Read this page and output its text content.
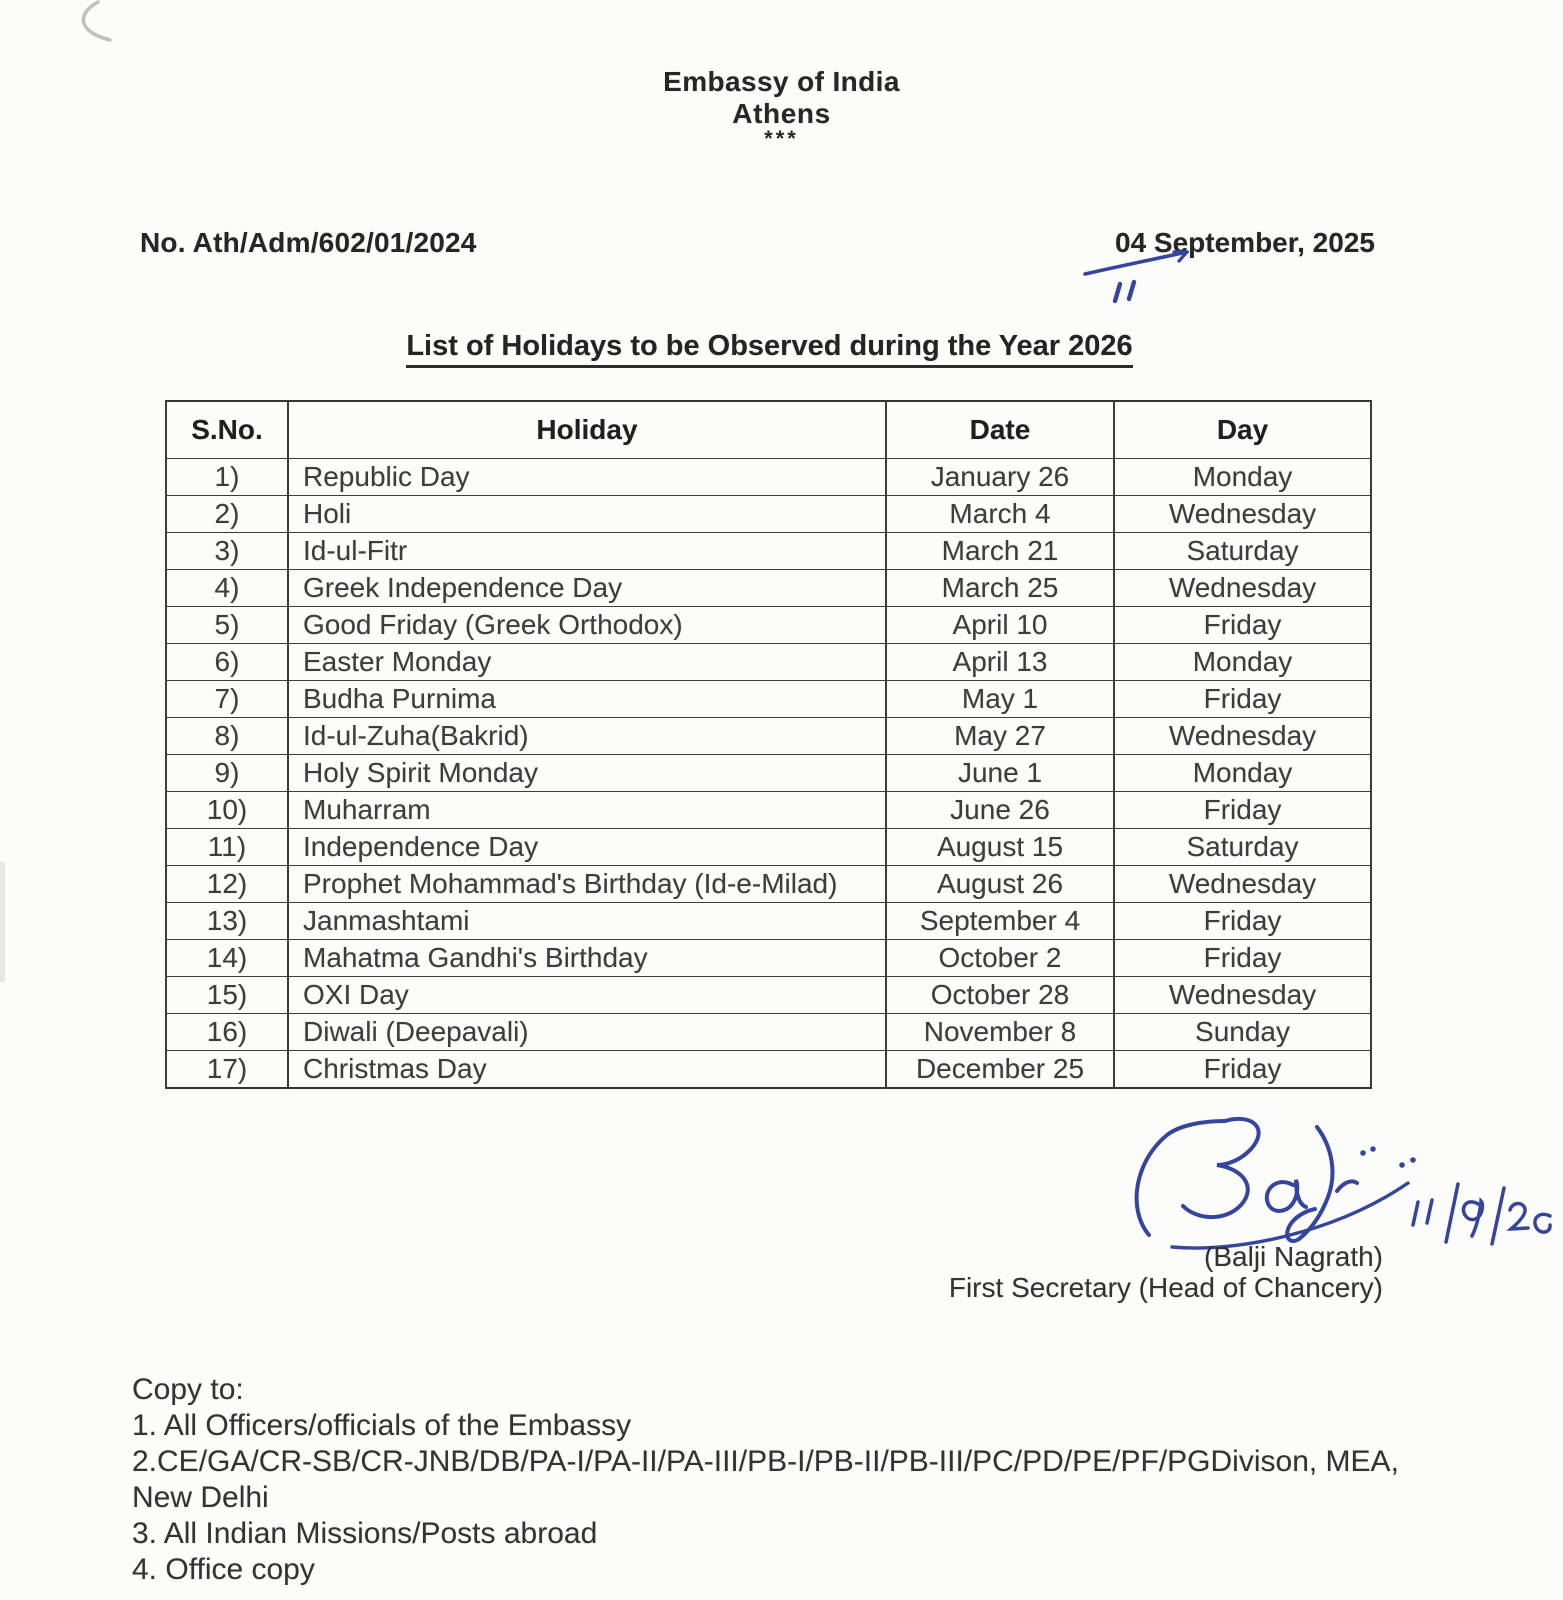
Embassy of India
Athens
***
No. Ath/Adm/602/01/2024	04 September, 2025
List of Holidays to be Observed during the Year 2026
S.No.	Holiday	Date	Day
1)	Republic Day	January 26	Monday
2)	Holi	March 4	Wednesday
3)	Id-ul-Fitr	March 21	Saturday
4)	Greek Independence Day	March 25	Wednesday
5)	Good Friday (Greek Orthodox)	April 10	Friday
6)	Easter Monday	April 13	Monday
7)	Budha Purnima	May 1	Friday
8)	Id-ul-Zuha(Bakrid)	May 27	Wednesday
9)	Holy Spirit Monday	June 1	Monday
10)	Muharram	June 26	Friday
11)	Independence Day	August 15	Saturday
12)	Prophet Mohammad's Birthday (Id-e-Milad)	August 26	Wednesday
13)	Janmashtami	September 4	Friday
14)	Mahatma Gandhi's Birthday	October 2	Friday
15)	OXI Day	October 28	Wednesday
16)	Diwali (Deepavali)	November 8	Sunday
17)	Christmas Day	December 25	Friday
(Balji Nagrath)
First Secretary (Head of Chancery)
Copy to:
1. All Officers/officials of the Embassy
2.CE/GA/CR-SB/CR-JNB/DB/PA-I/PA-II/PA-III/PB-I/PB-II/PB-III/PC/PD/PE/PF/PGDivison, MEA, New Delhi
3. All Indian Missions/Posts abroad
4. Office copy
